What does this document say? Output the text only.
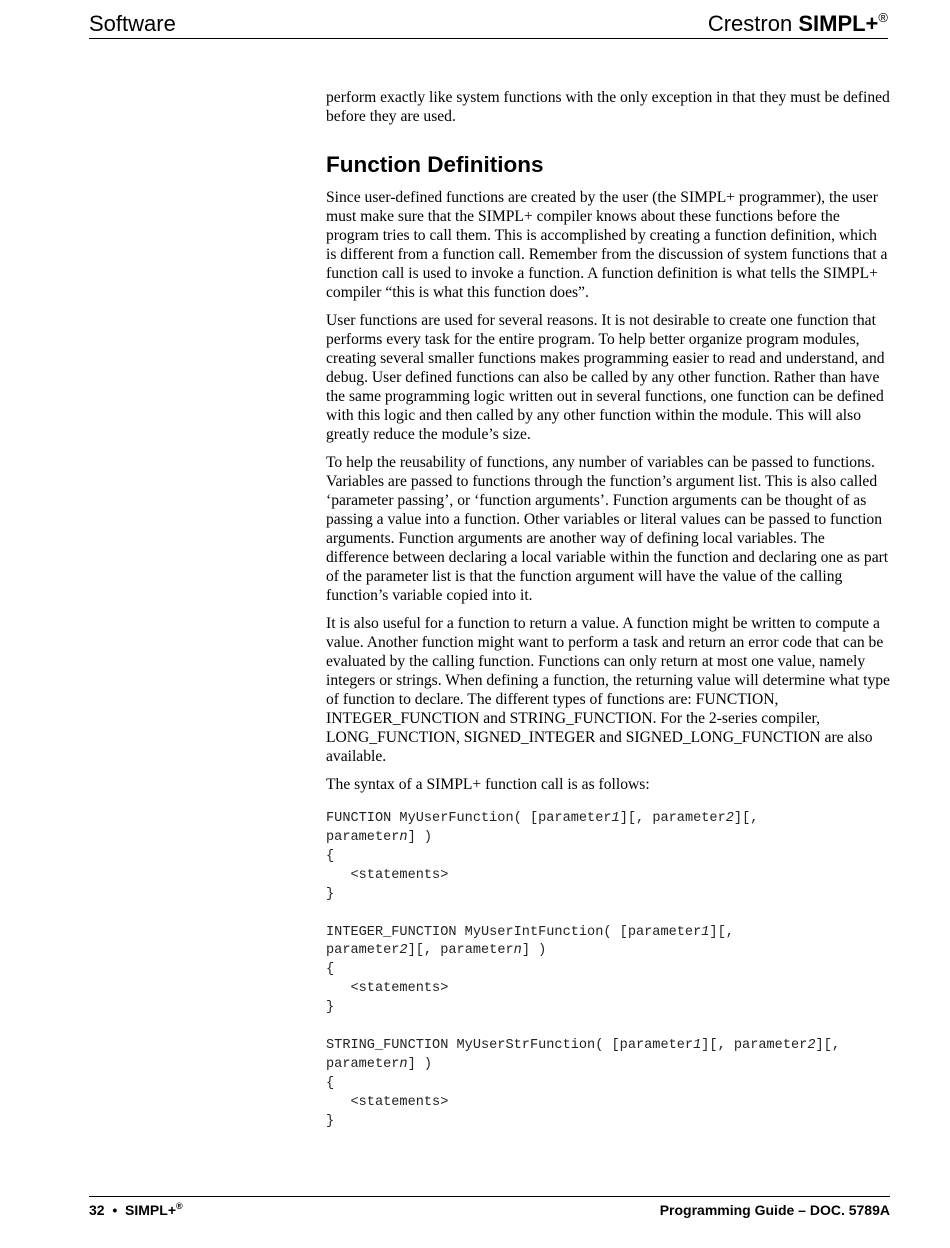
Software	Crestron SIMPL+®

perform exactly like system functions with the only exception in that they must be defined before they are used.

Function Definitions

Since user-defined functions are created by the user (the SIMPL+ programmer), the user must make sure that the SIMPL+ compiler knows about these functions before the program tries to call them. This is accomplished by creating a function definition, which is different from a function call. Remember from the discussion of system functions that a function call is used to invoke a function. A function definition is what tells the SIMPL+ compiler “this is what this function does”.

User functions are used for several reasons. It is not desirable to create one function that performs every task for the entire program. To help better organize program modules, creating several smaller functions makes programming easier to read and understand, and debug. User defined functions can also be called by any other function. Rather than have the same programming logic written out in several functions, one function can be defined with this logic and then called by any other function within the module. This will also greatly reduce the module’s size.

To help the reusability of functions, any number of variables can be passed to functions. Variables are passed to functions through the function’s argument list. This is also called ‘parameter passing’, or ‘function arguments’. Function arguments can be thought of as passing a value into a function. Other variables or literal values can be passed to function arguments. Function arguments are another way of defining local variables. The difference between declaring a local variable within the function and declaring one as part of the parameter list is that the function argument will have the value of the calling function’s variable copied into it.

It is also useful for a function to return a value. A function might be written to compute a value. Another function might want to perform a task and return an error code that can be evaluated by the calling function. Functions can only return at most one value, namely integers or strings. When defining a function, the returning value will determine what type of function to declare. The different types of functions are: FUNCTION, INTEGER_FUNCTION and STRING_FUNCTION. For the 2-series compiler, LONG_FUNCTION, SIGNED_INTEGER and SIGNED_LONG_FUNCTION are also available.

The syntax of a SIMPL+ function call is as follows:

FUNCTION MyUserFunction( [parameter1][, parameter2][,
parametern] )
{
<statements>
}
INTEGER_FUNCTION MyUserIntFunction( [parameter1][,
parameter2][, parametern] )
{
<statements>
}
STRING_FUNCTION MyUserStrFunction( [parameter1][, parameter2][,
parametern] )
{
<statements>
}
32 • SIMPL+®	Programming Guide – DOC. 5789A
